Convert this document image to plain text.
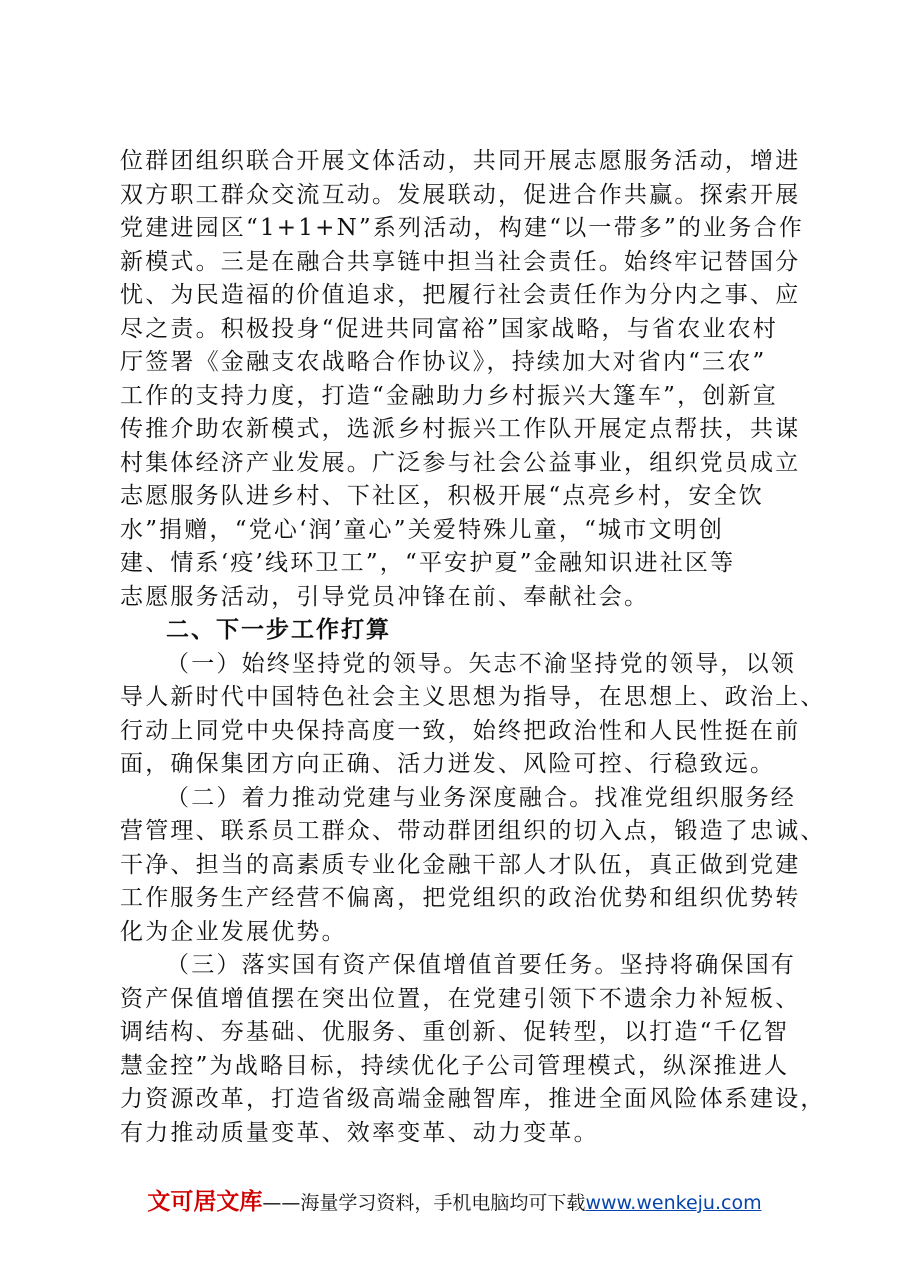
位群团组织联合开展文体活动，共同开展志愿服务活动，增进
双方职工群众交流互动。发展联动，促进合作共赢。探索开展
党建进园区“1+1+N”系列活动，构建“以一带多”的业务合作
新模式。三是在融合共享链中担当社会责任。始终牢记替国分
忧、为民造福的价值追求，把履行社会责任作为分内之事、应
尽之责。积极投身“促进共同富裕”国家战略，与省农业农村
厅签署《金融支农战略合作协议》，持续加大对省内“三农”
工作的支持力度，打造“金融助力乡村振兴大篷车”，创新宣
传推介助农新模式，选派乡村振兴工作队开展定点帮扶，共谋
村集体经济产业发展。广泛参与社会公益事业，组织党员成立
志愿服务队进乡村、下社区，积极开展“点亮乡村，安全饮
水”捐赠，“党心‘润’童心”关爱特殊儿童，“城市文明创
建、情系‘疫’线环卫工”，“平安护夏”金融知识进社区等
志愿服务活动，引导党员冲锋在前、奉献社会。
二、下一步工作打算
（一）始终坚持党的领导。矢志不渝坚持党的领导，以领
导人新时代中国特色社会主义思想为指导，在思想上、政治上、
行动上同党中央保持高度一致，始终把政治性和人民性挺在前
面，确保集团方向正确、活力迸发、风险可控、行稳致远。
（二）着力推动党建与业务深度融合。找准党组织服务经
营管理、联系员工群众、带动群团组织的切入点，锻造了忠诚、
干净、担当的高素质专业化金融干部人才队伍，真正做到党建
工作服务生产经营不偏离，把党组织的政治优势和组织优势转
化为企业发展优势。
（三）落实国有资产保值增值首要任务。坚持将确保国有
资产保值增值摆在突出位置，在党建引领下不遗余力补短板、
调结构、夯基础、优服务、重创新、促转型，以打造“千亿智
慧金控”为战略目标，持续优化子公司管理模式，纵深推进人
力资源改革，打造省级高端金融智库，推进全面风险体系建设，
有力推动质量变革、效率变革、动力变革。
文可居文库——海量学习资料，手机电脑均可下载www.wenkeju.com
